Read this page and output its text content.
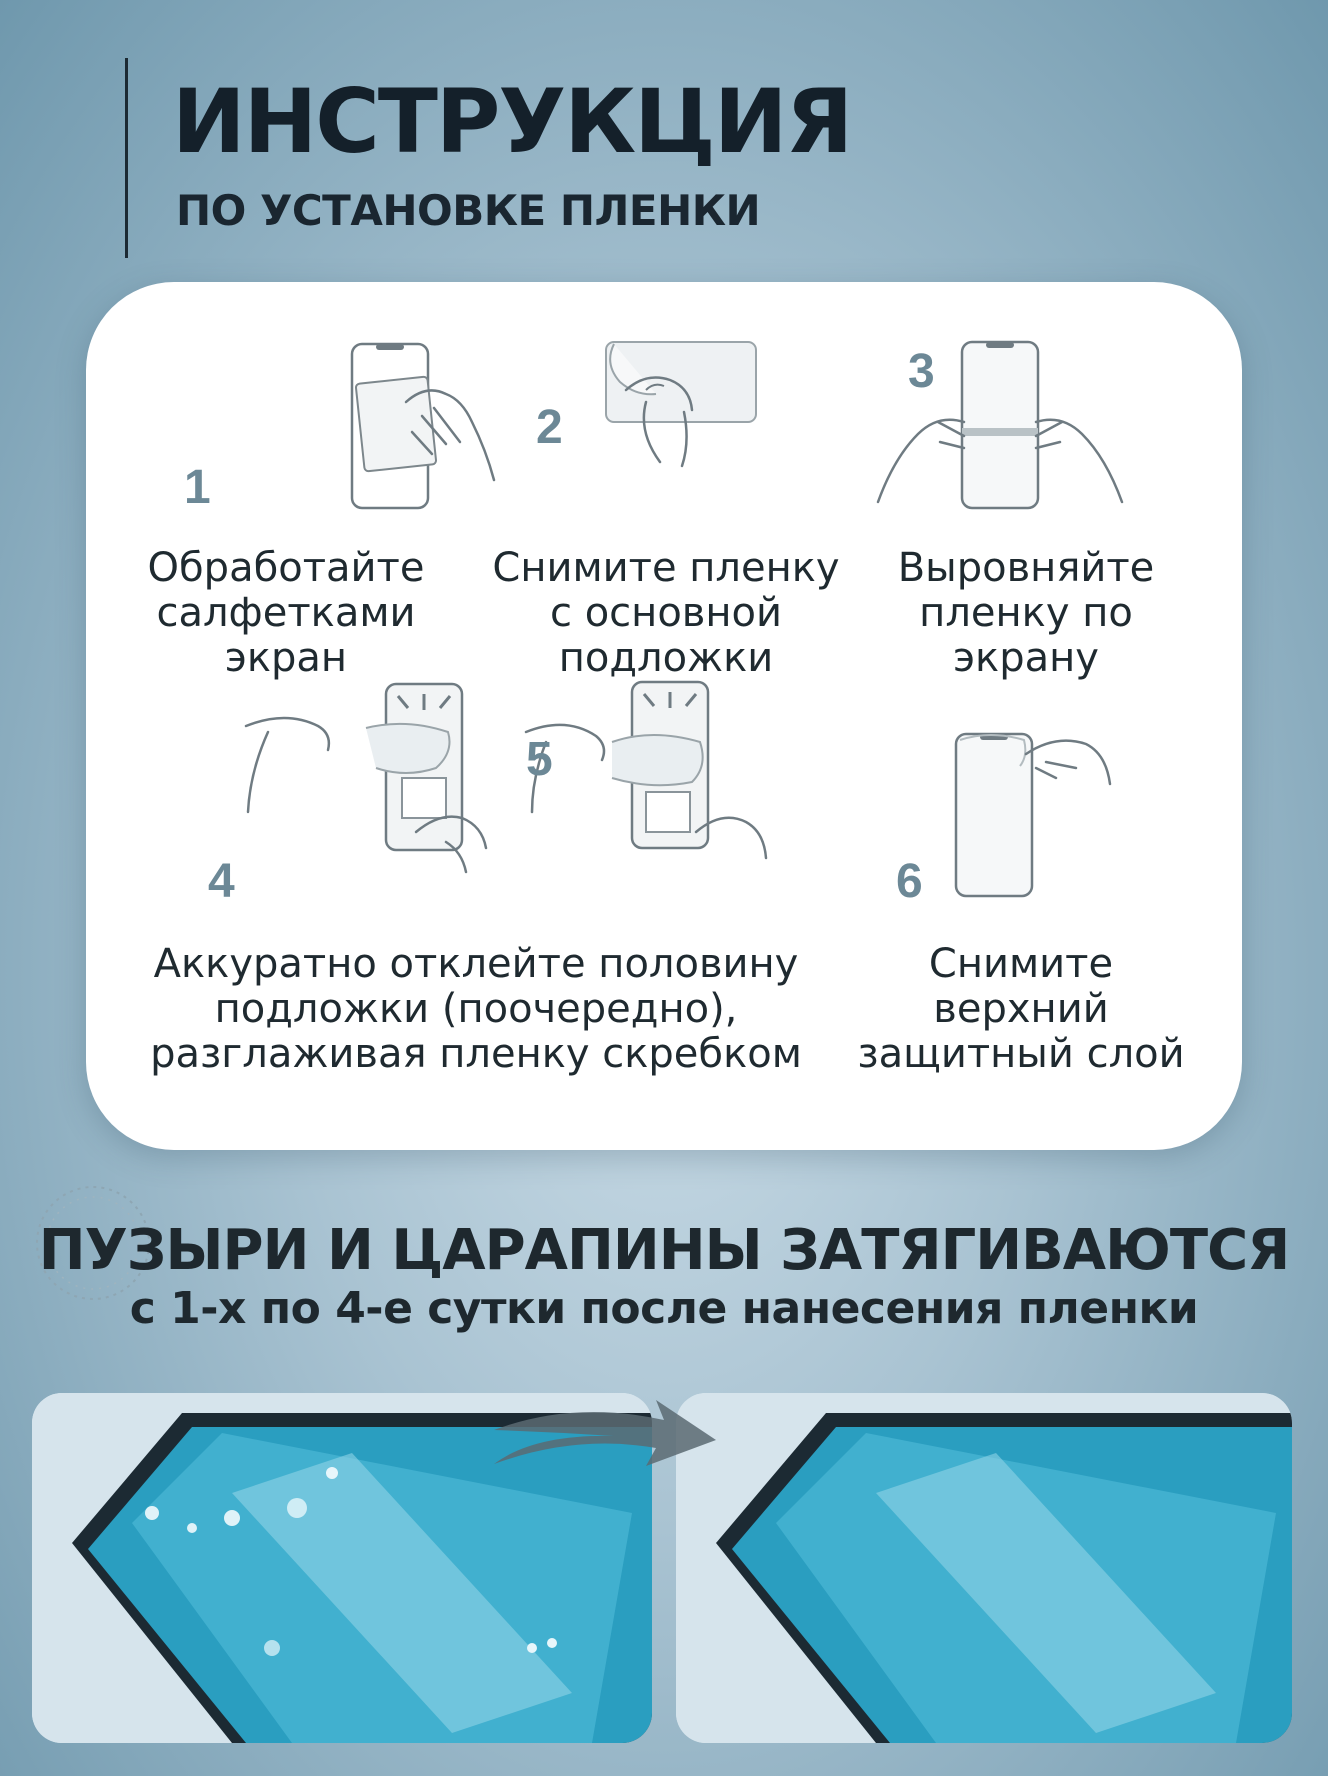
ИНСТРУКЦИЯ
ПО УСТАНОВКЕ ПЛЕНКИ
1
Обработайте
салфетками
экран
2
Снимите пленку
с основной
подложки
3
Выровняйте
пленку по
экрану
4
5
Аккуратно отклейте половину
подложки (поочередно),
разглаживая пленку скребком
6
Снимите
верхний
защитный слой
ПУЗЫРИ И ЦАРАПИНЫ ЗАТЯГИВАЮТСЯ
с 1-х по 4-е сутки после нанесения пленки
